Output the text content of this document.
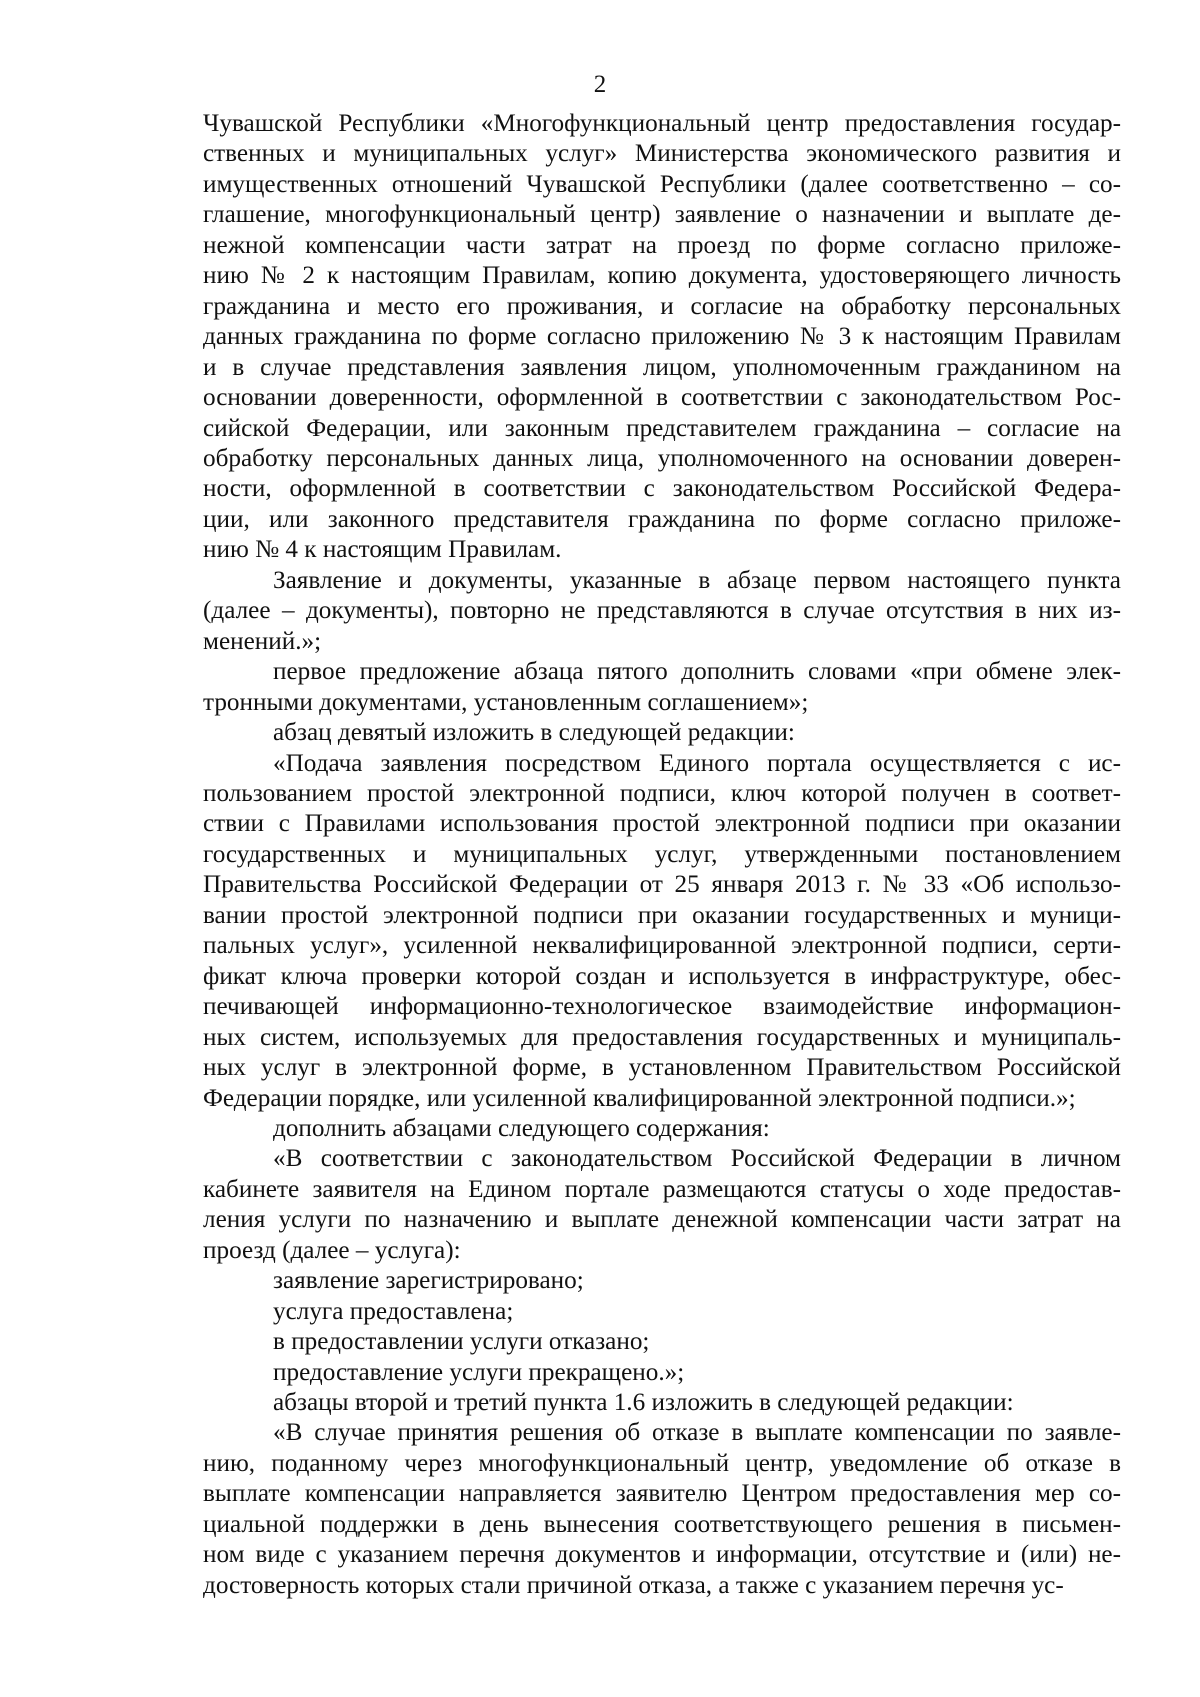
2
Чувашской Республики «Многофункциональный центр предоставления государ-
ственных и муниципальных услуг» Министерства экономического развития и
имущественных отношений Чувашской Республики (далее соответственно – со-
глашение, многофункциональный центр) заявление о назначении и выплате де-
нежной компенсации части затрат на проезд по форме согласно приложе-
нию № 2 к настоящим Правилам, копию документа, удостоверяющего личность
гражданина и место его проживания, и согласие на обработку персональных
данных гражданина по форме согласно приложению № 3 к настоящим Правилам
и в случае представления заявления лицом, уполномоченным гражданином на
основании доверенности, оформленной в соответствии с законодательством Рос-
сийской Федерации, или законным представителем гражданина – согласие на
обработку персональных данных лица, уполномоченного на основании доверен-
ности, оформленной в соответствии с законодательством Российской Федера-
ции, или законного представителя гражданина по форме согласно приложе-
нию № 4 к настоящим Правилам.
Заявление и документы, указанные в абзаце первом настоящего пункта
(далее – документы), повторно не представляются в случае отсутствия в них из-
менений.»;
первое предложение абзаца пятого дополнить словами «при обмене элек-
тронными документами, установленным соглашением»;
абзац девятый изложить в следующей редакции:
«Подача заявления посредством Единого портала осуществляется с ис-
пользованием простой электронной подписи, ключ которой получен в соответ-
ствии с Правилами использования простой электронной подписи при оказании
государственных и муниципальных услуг, утвержденными постановлением
Правительства Российской Федерации от 25 января 2013 г. № 33 «Об использо-
вании простой электронной подписи при оказании государственных и муници-
пальных услуг», усиленной неквалифицированной электронной подписи, серти-
фикат ключа проверки которой создан и используется в инфраструктуре, обес-
печивающей информационно-технологическое взаимодействие информацион-
ных систем, используемых для предоставления государственных и муниципаль-
ных услуг в электронной форме, в установленном Правительством Российской
Федерации порядке, или усиленной квалифицированной электронной подписи.»;
дополнить абзацами следующего содержания:
«В соответствии с законодательством Российской Федерации в личном
кабинете заявителя на Едином портале размещаются статусы о ходе предостав-
ления услуги по назначению и выплате денежной компенсации части затрат на
проезд (далее – услуга):
заявление зарегистрировано;
услуга предоставлена;
в предоставлении услуги отказано;
предоставление услуги прекращено.»;
абзацы второй и третий пункта 1.6 изложить в следующей редакции:
«В случае принятия решения об отказе в выплате компенсации по заявле-
нию, поданному через многофункциональный центр, уведомление об отказе в
выплате компенсации направляется заявителю Центром предоставления мер со-
циальной поддержки в день вынесения соответствующего решения в письмен-
ном виде с указанием перечня документов и информации, отсутствие и (или) не-
достоверность которых стали причиной отказа, а также с указанием перечня ус-
